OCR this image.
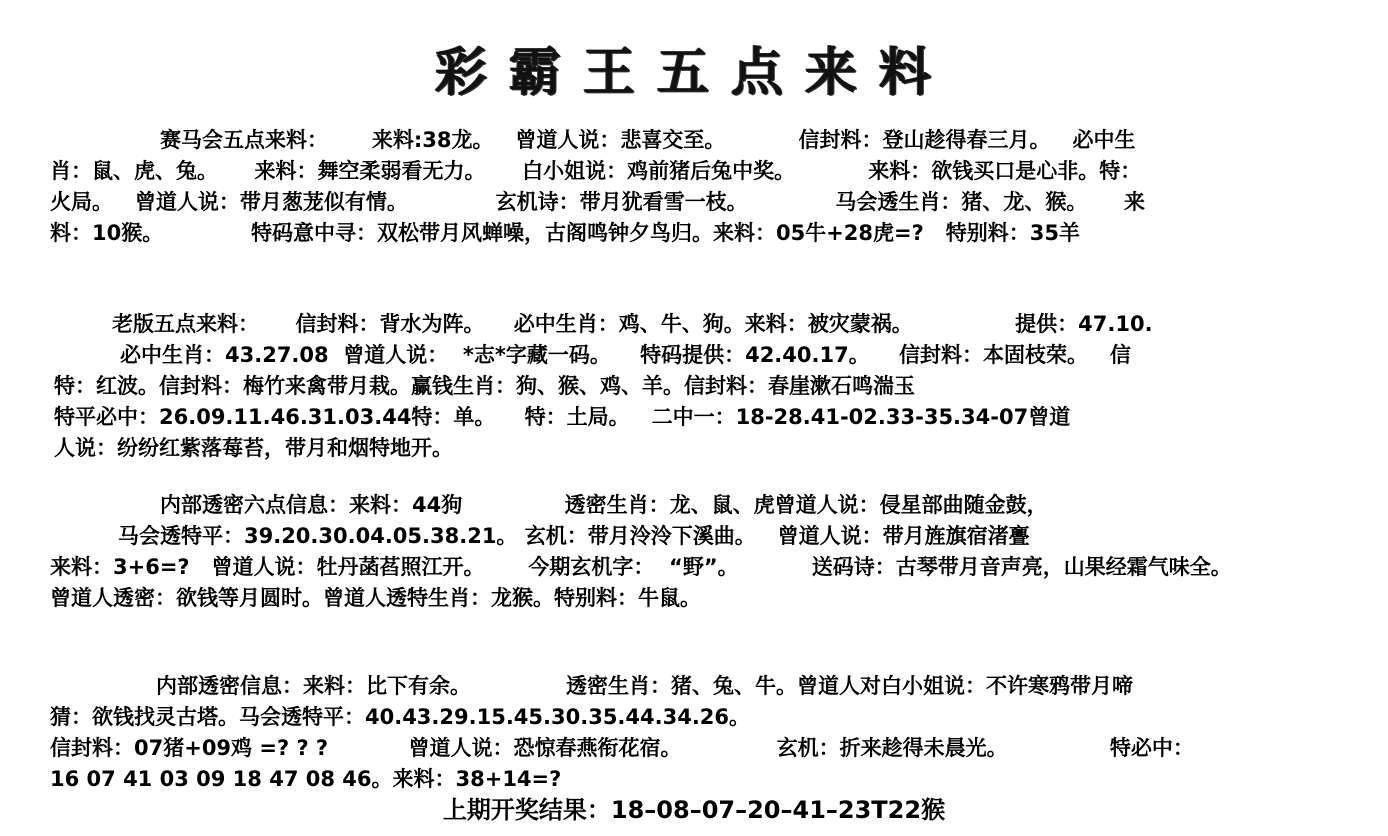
彩霸王五点来料
赛马会五点来料：      来料:38龙。   曾道人说：悲喜交至。          信封料：登山趁得春三月。   必中生
肖：鼠、虎、兔。     来料：舞空柔弱看无力。     白小姐说：鸡前猪后兔中奖。          来料：欲钱买口是心非。特：
火局。   曾道人说：带月葱茏似有情。            玄机诗：带月犹看雪一枝。            马会透生肖：猪、龙、猴。     来
料：10猴。            特码意中寻：双松带月风蝉噪，古阁鸣钟夕鸟归。来料：05牛+28虎=?   特别料：35羊
老版五点来料：     信封料：背水为阵。    必中生肖：鸡、牛、狗。来料：被灾蒙祸。              提供：47.10.
必中生肖：43.27.08  曾道人说：  *志*字藏一码。    特码提供：42.40.17。    信封料：本固枝荣。   信
特：红波。信封料：梅竹来禽带月栽。赢钱生肖：狗、猴、鸡、羊。信封料：春崖漱石鸣湍玉
特平必中：26.09.11.46.31.03.44特：单。    特：土局。   二中一：18-28.41-02.33-35.34-07曾道
人说：纷纷红紫落莓苔，带月和烟特地开。
内部透密六点信息：来料：44狗              透密生肖：龙、鼠、虎曾道人说：侵星部曲随金鼓，
马会透特平：39.20.30.04.05.38.21。 玄机：带月泠泠下溪曲。   曾道人说：带月旌旗宿渚亹
来料：3+6=?   曾道人说：牡丹菡萏照江开。      今期玄机字：  “野”。          送码诗：古琴带月音声亮，山果经霜气味全。
曾道人透密：欲钱等月圆时。曾道人透特生肖：龙猴。特别料：牛鼠。
内部透密信息：来料：比下有余。             透密生肖：猪、兔、牛。曾道人对白小姐说：不许寒鸦带月啼
猜：欲钱找灵古塔。马会透特平：40.43.29.15.45.30.35.44.34.26。
信封料：07猪+09鸡 =? ? ?           曾道人说：恐惊春燕衔花宿。             玄机：折来趁得未晨光。              特必中：
16 07 41 03 09 18 47 08 46。来料：38+14=?
上期开奖结果：18–08–07–20–41–23T22猴
